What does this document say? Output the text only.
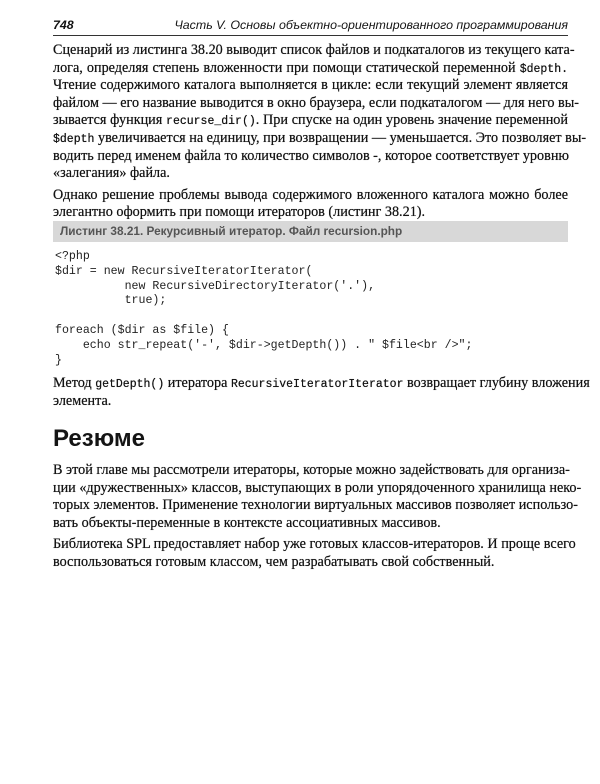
748	Часть V. Основы объектно-ориентированного программирования
Сценарий из листинга 38.20 выводит список файлов и подкаталогов из текущего ката-
лога, определяя степень вложенности при помощи статической переменной $depth.
Чтение содержимого каталога выполняется в цикле: если текущий элемент является
файлом — его название выводится в окно браузера, если подкаталогом — для него вы-
зывается функция recurse_dir(). При спуске на один уровень значение переменной
$depth увеличивается на единицу, при возвращении — уменьшается. Это позволяет вы-
водить перед именем файла то количество символов -, которое соответствует уровню
«залегания» файла.
Однако решение проблемы вывода содержимого вложенного каталога можно более
элегантно оформить при помощи итераторов (листинг 38.21).
Листинг 38.21. Рекурсивный итератор. Файл recursion.php
<?php
$dir = new RecursiveIteratorIterator(
new RecursiveDirectoryIterator('.'),
true);
foreach ($dir as $file) {
echo str_repeat('-', $dir->getDepth()) . " $file<br />";
}
Метод getDepth() итератора RecursiveIteratorIterator возвращает глубину вложения
элемента.
Резюме
В этой главе мы рассмотрели итераторы, которые можно задействовать для организа-
ции «дружественных» классов, выступающих в роли упорядоченного хранилища неко-
торых элементов. Применение технологии виртуальных массивов позволяет использо-
вать объекты-переменные в контексте ассоциативных массивов.
Библиотека SPL предоставляет набор уже готовых классов-итераторов. И проще всего
воспользоваться готовым классом, чем разрабатывать свой собственный.
